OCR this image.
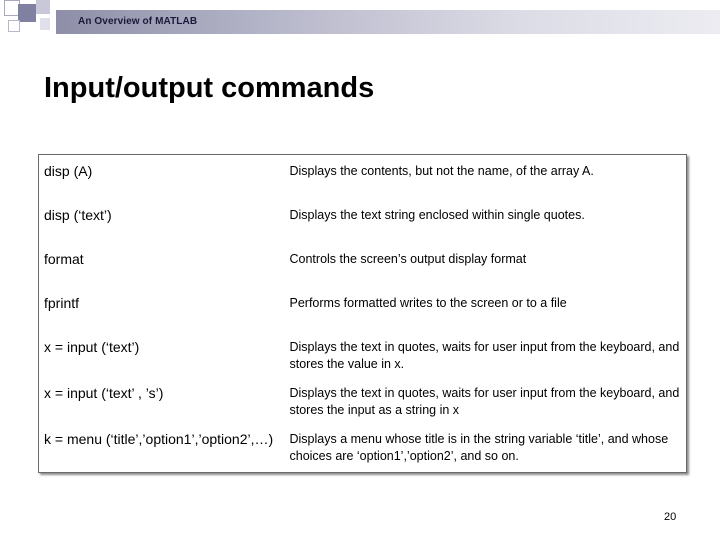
An Overview of MATLAB
Input/output commands
disp (A)	Displays the contents, but not the name, of the array A.
disp (‘text’)	Displays the text string enclosed within single quotes.
format	Controls the screen’s output display format
fprintf	Performs formatted writes to the screen or to a file
x = input (‘text’)	Displays the text in quotes, waits for user input from the keyboard, and stores the value in x.
x = input (‘text’ , ’s’)	Displays the text in quotes, waits for user input from the keyboard, and stores the input as a string in x
k = menu (‘title’,’option1’,’option2’,…)	Displays a menu whose title is in the string variable ‘title’, and whose choices are ‘option1’,’option2’, and so on.
20
